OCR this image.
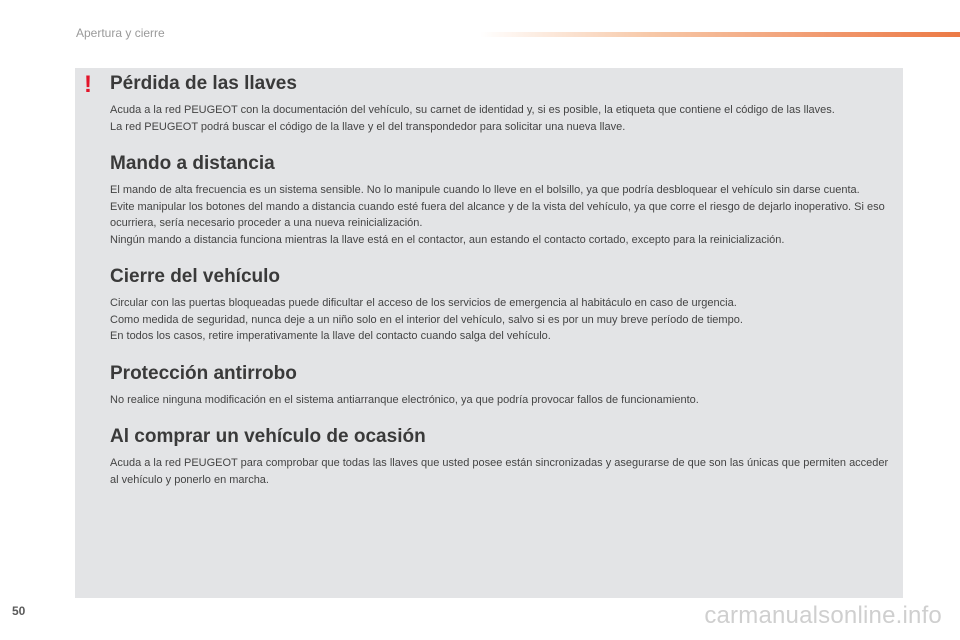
Apertura y cierre
! Pérdida de las llaves

Acuda a la red PEUGEOT con la documentación del vehículo, su carnet de identidad y, si es posible, la etiqueta que contiene el código de las llaves.

La red PEUGEOT podrá buscar el código de la llave y el del transpondedor para solicitar una nueva llave.

Mando a distancia

El mando de alta frecuencia es un sistema sensible. No lo manipule cuando lo lleve en el bolsillo, ya que podría desbloquear el vehículo sin darse cuenta.

Evite manipular los botones del mando a distancia cuando esté fuera del alcance y de la vista del vehículo, ya que corre el riesgo de dejarlo inoperativo. Si eso ocurriera, sería necesario proceder a una nueva reinicialización.

Ningún mando a distancia funciona mientras la llave está en el contactor, aun estando el contacto cortado, excepto para la reinicialización.

Cierre del vehículo

Circular con las puertas bloqueadas puede dificultar el acceso de los servicios de emergencia al habitáculo en caso de urgencia.

Como medida de seguridad, nunca deje a un niño solo en el interior del vehículo, salvo si es por un muy breve período de tiempo.

En todos los casos, retire imperativamente la llave del contacto cuando salga del vehículo.

Protección antirrobo

No realice ninguna modificación en el sistema antiarranque electrónico, ya que podría provocar fallos de funcionamiento.

Al comprar un vehículo de ocasión

Acuda a la red PEUGEOT para comprobar que todas las llaves que usted posee están sincronizadas y asegurarse de que son las únicas que permiten acceder al vehículo y ponerlo en marcha.

50	carmanualsonline.info
